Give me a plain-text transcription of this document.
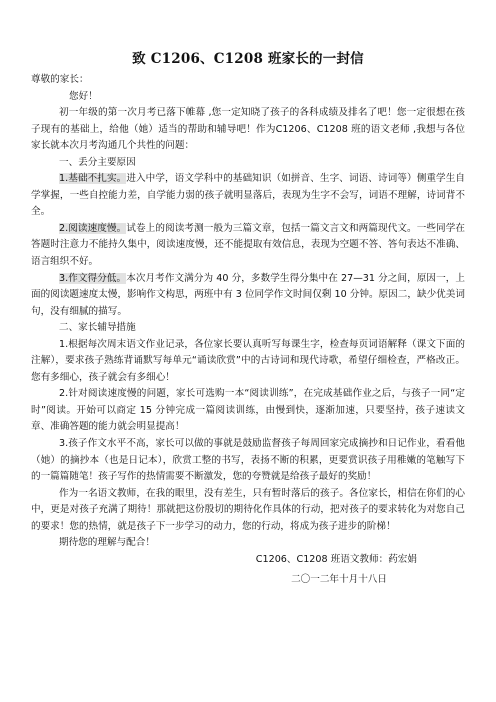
致 C1206、C1208 班家长的一封信

尊敬的家长：

您好！

初一年级的第一次月考已落下帷幕 ,您一定知晓了孩子的各科成绩及排名了吧！您一定很想在孩子现有的基础上，给他（她）适当的帮助和辅导吧！作为C1206、C1208 班的语文老师 ,我想与各位家长就本次月考沟通几个共性的问题：

一、丢分主要原因

1.基础不扎实。进入中学，语文学科中的基础知识（如拼音、生字、词语、诗词等）侧重学生自学掌握，一些自控能力差，自学能力弱的孩子就明显落后，表现为生字不会写，词语不理解，诗词背不全。

2.阅读速度慢。试卷上的阅读考测一般为三篇文章，包括一篇文言文和两篇现代文。一些同学在答题时注意力不能持久集中，阅读速度慢，还不能提取有效信息，表现为空题不答、答句表达不准确、语言组织不好。

3.作文得分低。本次月考作文满分为 40 分，多数学生得分集中在 27—31 分之间，原因一，上面的阅读题速度太慢，影响作文构思，两班中有 3 位同学作文时间仅剩 10 分钟。原因二，缺少优美词句，没有细腻的描写。

二、家长辅导措施

1.根据每次周末语文作业记录，各位家长要认真听写每课生字，检查每页词语解释（课文下面的注解），要求孩子熟练背诵默写每单元“诵读欣赏”中的古诗词和现代诗歌，希望仔细检查，严格改正。您有多细心，孩子就会有多细心！

2.针对阅读速度慢的问题，家长可选购一本“阅读训练”，在完成基础作业之后，与孩子一同“定时”阅读。开始可以商定 15 分钟完成一篇阅读训练，由慢到快，逐渐加速，只要坚持，孩子速读文章、准确答题的能力就会明显提高！

3.孩子作文水平不高，家长可以做的事就是鼓励监督孩子每周回家完成摘抄和日记作业，看看他（她）的摘抄本（也是日记本），欣赏工整的书写，表扬不断的积累，更要赏识孩子用稚嫩的笔触写下的一篇篇随笔！孩子写作的热情需要不断激发，您的夸赞就是给孩子最好的奖励！

作为一名语文教师，在我的眼里，没有差生，只有暂时落后的孩子。各位家长，相信在你们的心中，更是对孩子充满了期待！那就把这份殷切的期待化作具体的行动，把对孩子的要求转化为对您自己的要求！您的热情，就是孩子下一步学习的动力，您的行动，将成为孩子进步的阶梯！

期待您的理解与配合！

C1206、C1208 班语文教师：药宏娟

二〇一二年十月十八日
